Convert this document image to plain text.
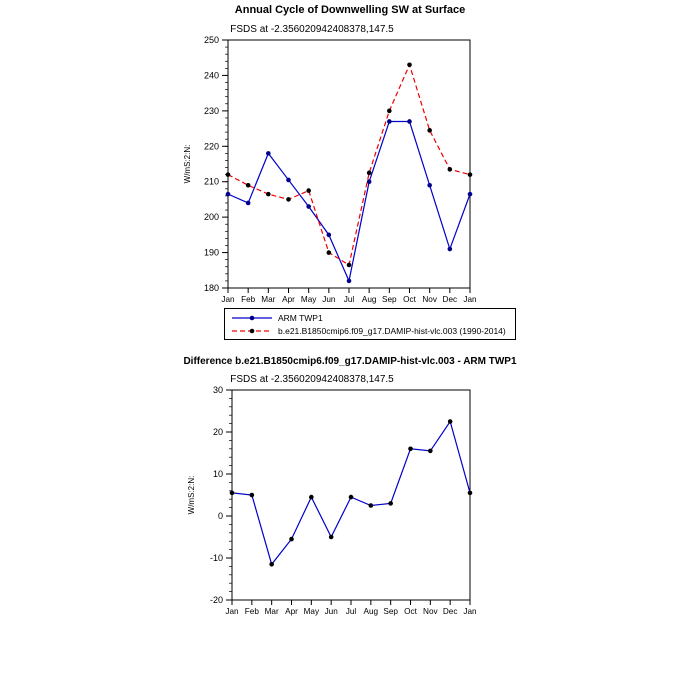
180
190
200
210
220
230
240
250
Jan Feb Mar Apr May Jun Jul Aug Sep Oct Nov Dec Jan
W/mS:2:N:
-20
-10
0
10
20
30
Jan Feb Mar Apr May Jun Jul Aug Sep Oct Nov Dec Jan
W/mS:2:N:
Annual Cycle of Downwelling SW at Surface
FSDS at -2.356020942408378,147.5
ARM TWP1
b.e21.B1850cmip6.f09_g17.DAMIP-hist-vlc.003 (1990-2014)
Difference b.e21.B1850cmip6.f09_g17.DAMIP-hist-vlc.003 - ARM TWP1
FSDS at -2.356020942408378,147.5
